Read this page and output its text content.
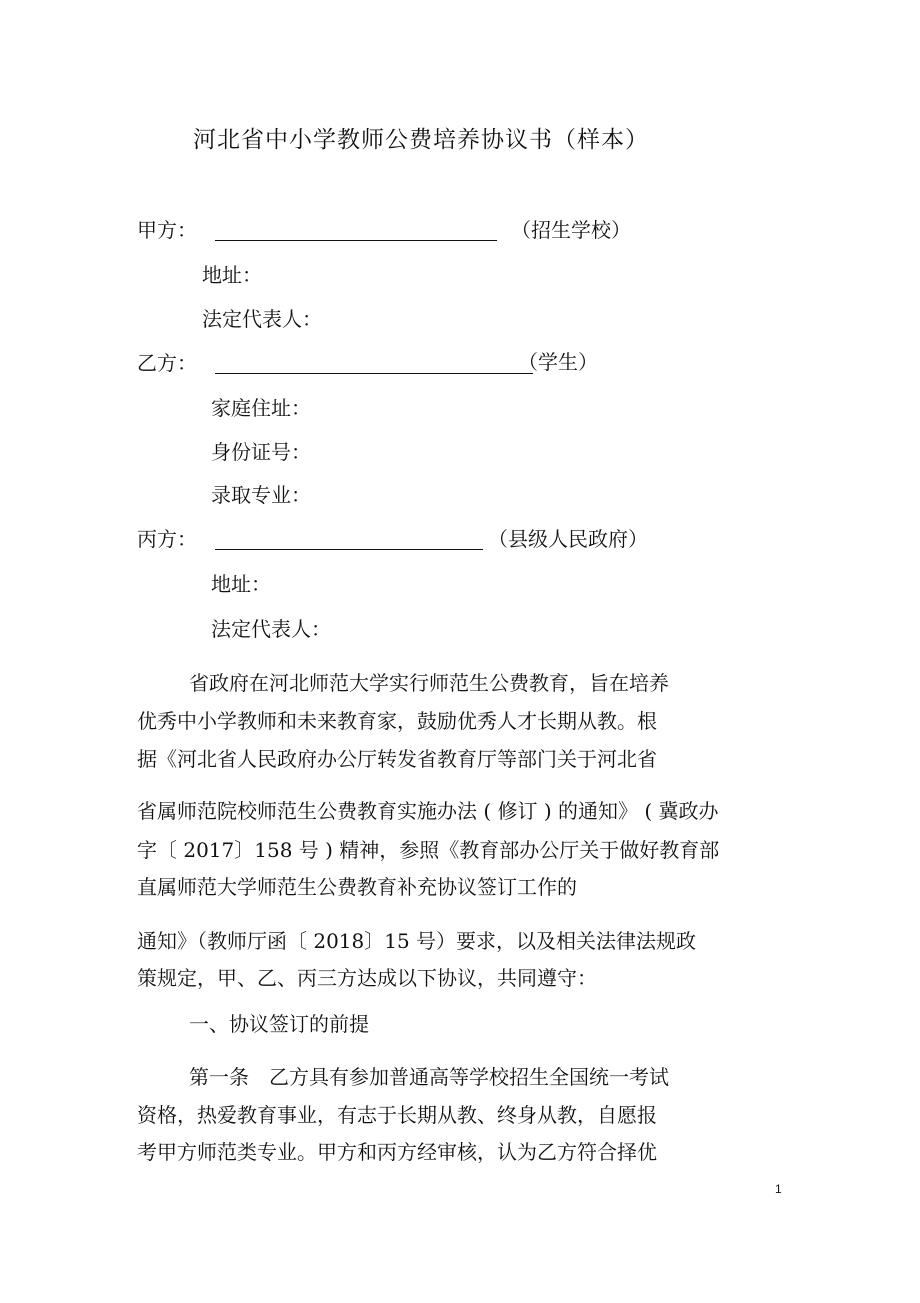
河北省中小学教师公费培养协议书（样本）
甲方：	（招生学校）
地址：
法定代表人：
乙方：	（学生）
家庭住址：
身份证号：
录取专业：
丙方：	（县级人民政府）
地址：
法定代表人：
省政府在河北师范大学实行师范生公费教育，旨在培养
优秀中小学教师和未来教育家，鼓励优秀人才长期从教。根
据《河北省人民政府办公厅转发省教育厅等部门关于河北省
省属师范院校师范生公费教育实施办法 ( 修订 ) 的通知》 ( 冀政办
字〔 2017〕158 号 ) 精神，参照《教育部办公厅关于做好教育部
直属师范大学师范生公费教育补充协议签订工作的
通知》（教师厅函〔 2018〕15 号）要求，以及相关法律法规政
策规定，甲、乙、丙三方达成以下协议，共同遵守：
一、协议签订的前提
第一条　乙方具有参加普通高等学校招生全国统一考试
资格，热爱教育事业，有志于长期从教、终身从教，自愿报
考甲方师范类专业。甲方和丙方经审核，认为乙方符合择优
1
